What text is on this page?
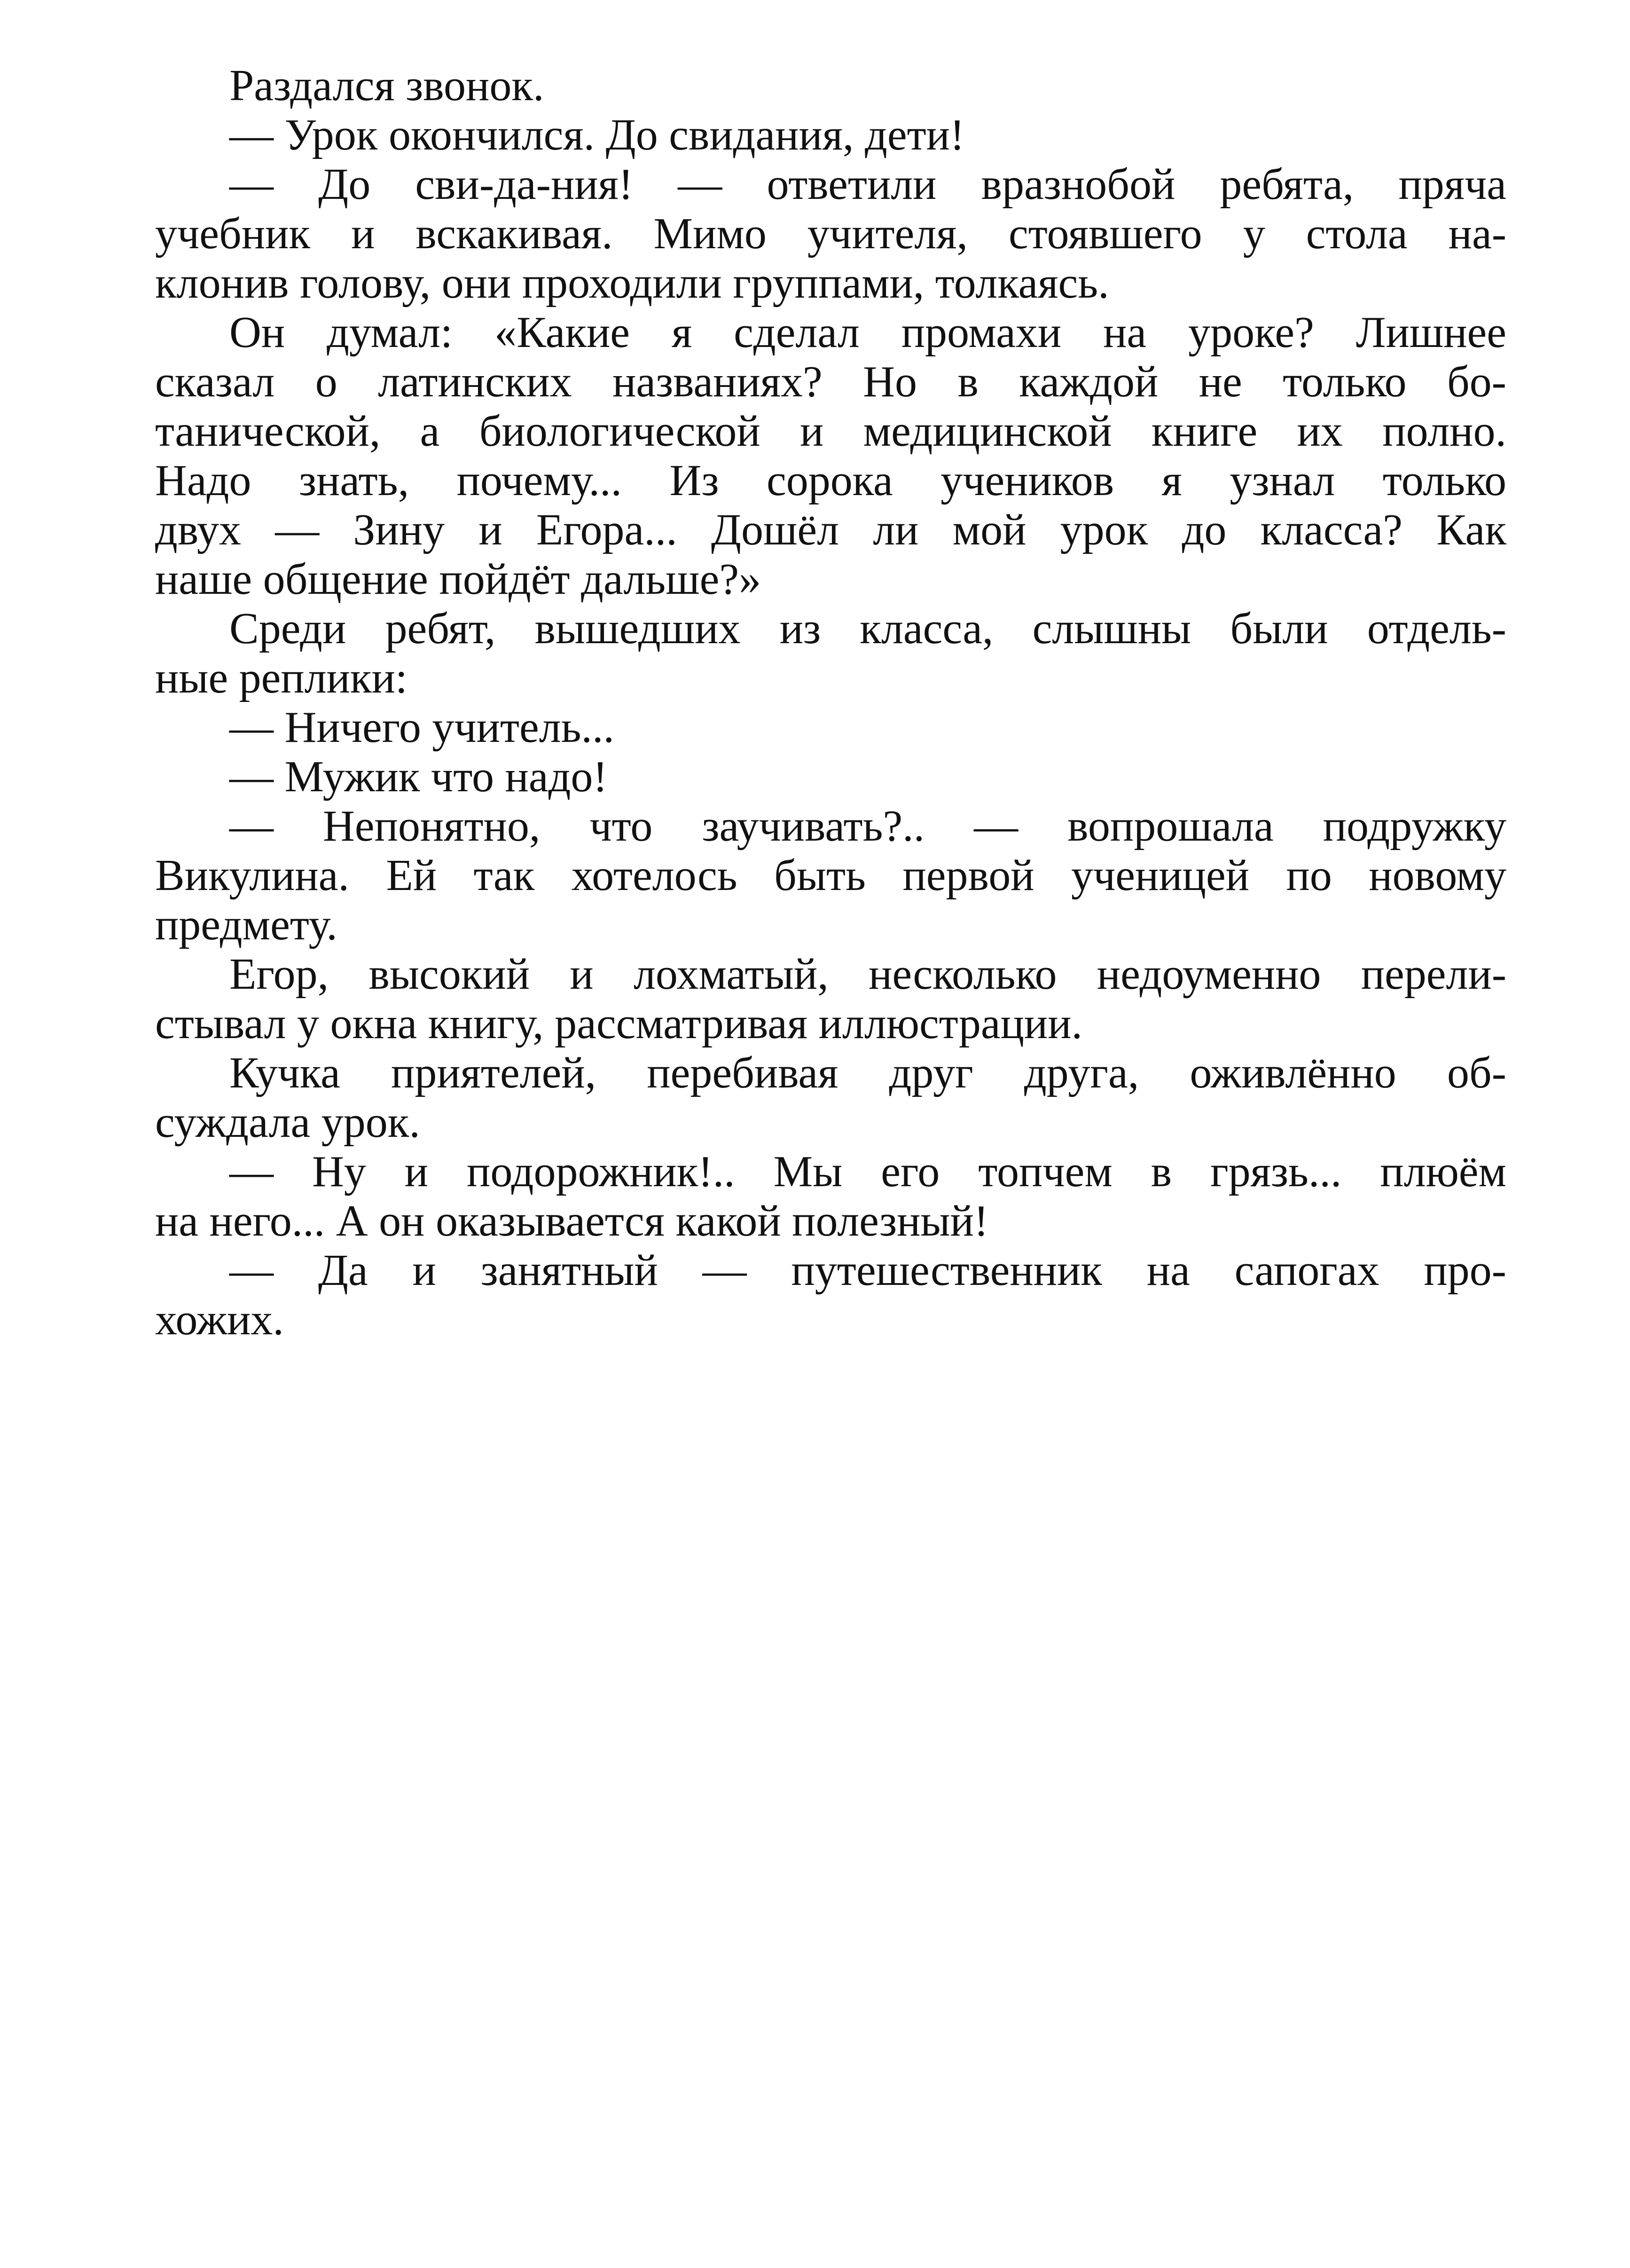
Раздался звонок.
— Урок окончился. До свидания, дети!
— До сви-да-ния! — ответили вразнобой ребята, пряча
учебник и вскакивая. Мимо учителя, стоявшего у стола на-
клонив голову, они проходили группами, толкаясь.
Он думал: «Какие я сделал промахи на уроке? Лишнее
сказал о латинских названиях? Но в каждой не только бо-
танической, а биологической и медицинской книге их полно.
Надо знать, почему... Из сорока учеников я узнал только
двух — Зину и Егора... Дошёл ли мой урок до класса? Как
наше общение пойдёт дальше?»
Среди ребят, вышедших из класса, слышны были отдель-
ные реплики:
— Ничего учитель...
— Мужик что надо!
— Непонятно, что заучивать?.. — вопрошала подружку
Викулина. Ей так хотелось быть первой ученицей по новому
предмету.
Егор, высокий и лохматый, несколько недоуменно перели-
стывал у окна книгу, рассматривая иллюстрации.
Кучка приятелей, перебивая друг друга, оживлённо об-
суждала урок.
— Ну и подорожник!.. Мы его топчем в грязь... плюём
на него... А он оказывается какой полезный!
— Да и занятный — путешественник на сапогах про-
хожих.
